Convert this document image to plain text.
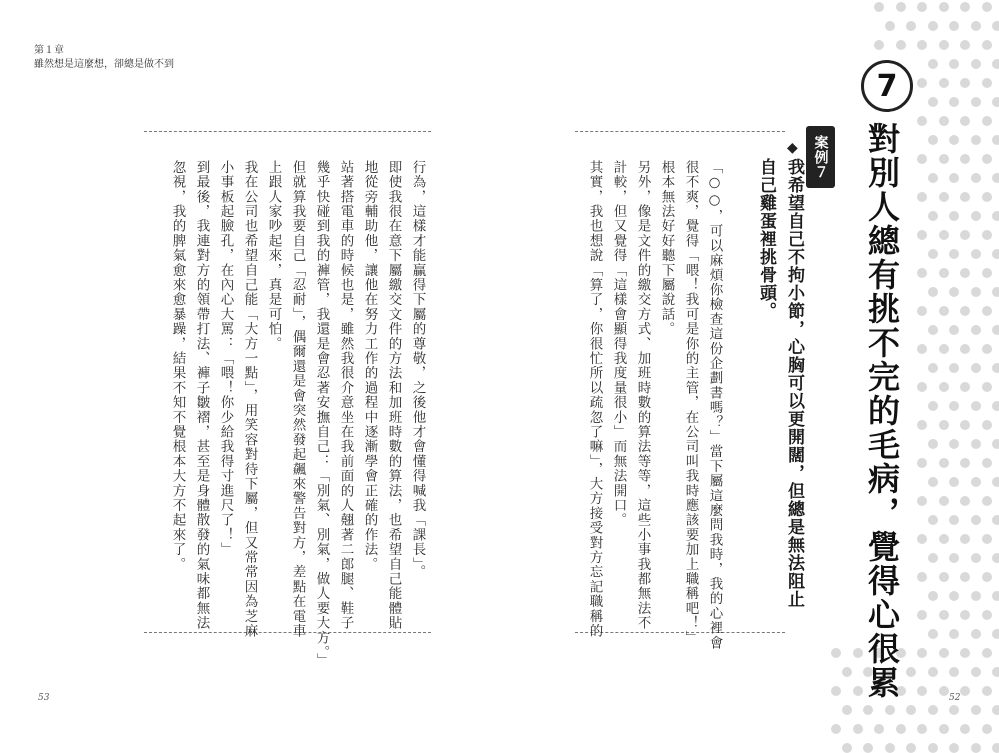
第１章
雖然想是這麼想，卻總是做不到
53	52
7
對別人總有挑不完的毛病，覺得心很累
案例７
◆
我希望自己不拘小節，心胸可以更開闊，但總是無法阻止
自己雞蛋裡挑骨頭。
「○○，可以麻煩你檢查這份企劃書嗎？」當下屬這麼問我時，我的心裡會
很不爽，覺得「喂！我可是你的主管，在公司叫我時應該要加上職稱吧！」
根本無法好好聽下屬說話。
另外，像是文件的繳交方式、加班時數的算法等等，這些小事我都無法不
計較，但又覺得「這樣會顯得我度量很小」而無法開口。
其實，我也想說「算了，你很忙所以疏忽了嘛」，大方接受對方忘記職稱的
行為，這樣才能贏得下屬的尊敬，之後他才會懂得喊我「課長」。
即使我很在意下屬繳交文件的方法和加班時數的算法，也希望自己能體貼
地從旁輔助他，讓他在努力工作的過程中逐漸學會正確的作法。
站著搭電車的時候也是，雖然我很介意坐在我前面的人翹著二郎腿、鞋子
幾乎快碰到我的褲管，我還是會忍著安撫自己：「別氣、別氣，做人要大方。」
但就算我要自己「忍耐」，偶爾還是會突然發起飆來警告對方，差點在電車
上跟人家吵起來，真是可怕。
我在公司也希望自己能「大方一點」，用笑容對待下屬，但又常常因為芝麻
小事板起臉孔，在內心大罵：「喂！你少給我得寸進尺了！」
到最後，我連對方的領帶打法、褲子皺褶，甚至是身體散發的氣味都無法
忽視，我的脾氣愈來愈暴躁，結果不知不覺根本大方不起來了。
